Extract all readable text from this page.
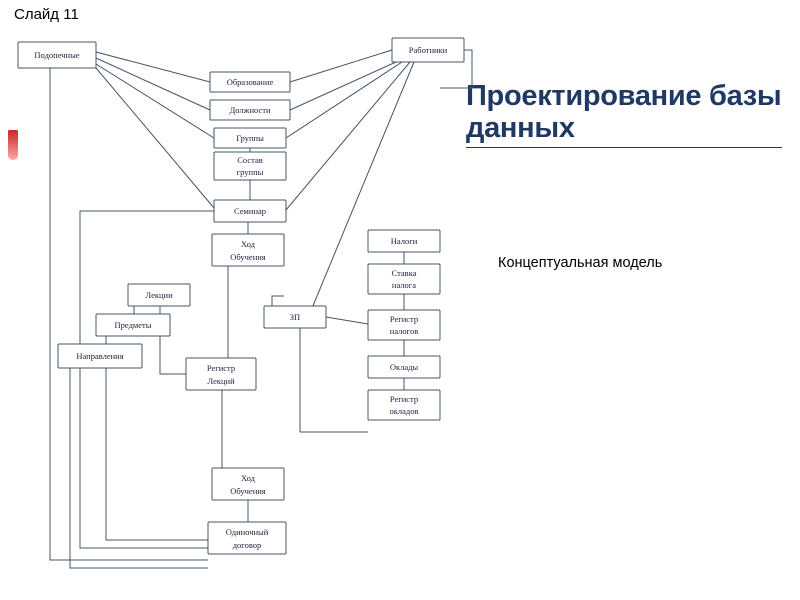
Слайд 11
Проектирование базы данных
Концептуальная модель
Подопечные	Работники
Образование
Должности
Группы
Состав
группы
Семинар
Ход
Обучения
Лекции
Предметы
Направления
Регистр
Лекций
ЗП
Налоги
Ставка
налога
Регистр
налогов
Оклады
Регистр
окладов
Ход
Обучения
Одиночный
договор
